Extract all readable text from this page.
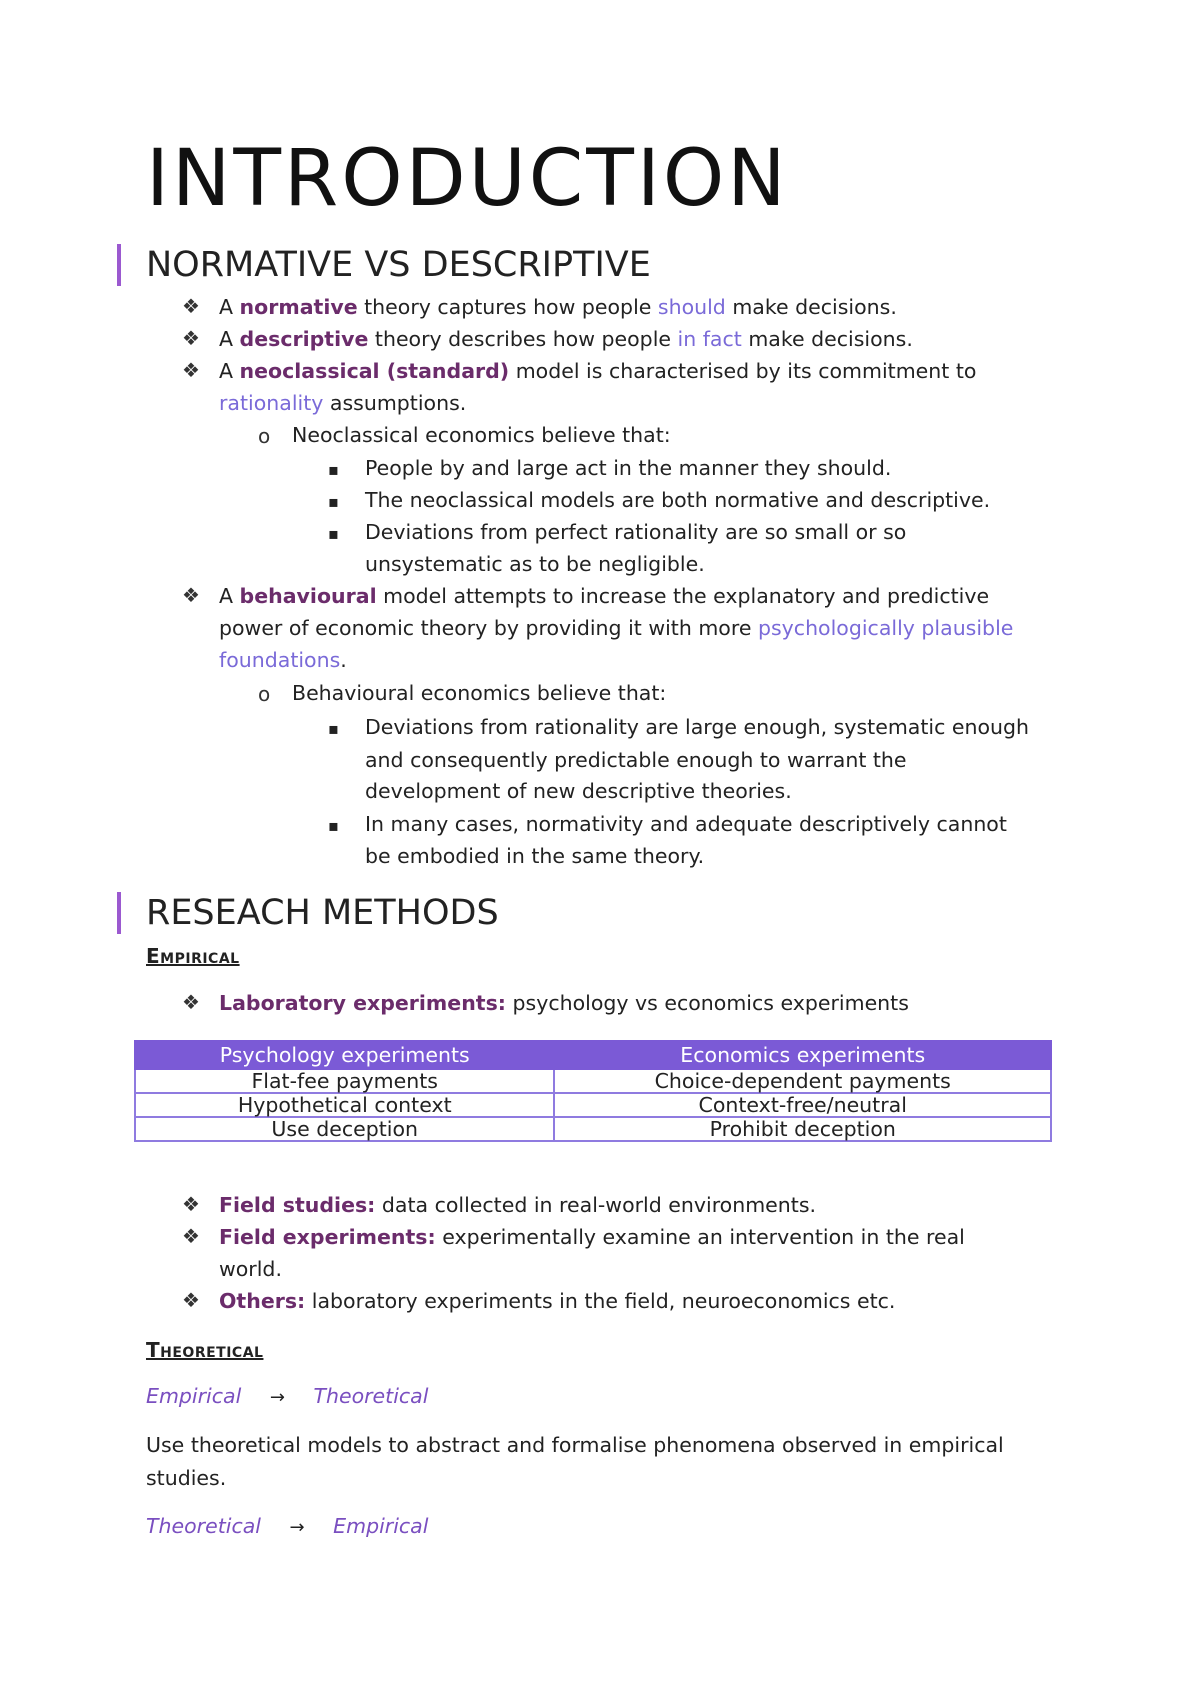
INTRODUCTION
NORMATIVE VS DESCRIPTIVE
❖ A normative theory captures how people should make decisions.
❖ A descriptive theory describes how people in fact make decisions.
❖ A neoclassical (standard) model is characterised by its commitment to
rationality assumptions.
o Neoclassical economics believe that:
▪ People by and large act in the manner they should.
▪ The neoclassical models are both normative and descriptive.
▪ Deviations from perfect rationality are so small or so
unsystematic as to be negligible.
❖ A behavioural model attempts to increase the explanatory and predictive
power of economic theory by providing it with more psychologically plausible
foundations.
o Behavioural economics believe that:
▪ Deviations from rationality are large enough, systematic enough
and consequently predictable enough to warrant the
development of new descriptive theories.
▪ In many cases, normativity and adequate descriptively cannot
be embodied in the same theory.
RESEACH METHODS
Empirical
❖ Laboratory experiments: psychology vs economics experiments
Psychology experiments	Economics experiments
Flat-fee payments	Choice-dependent payments
Hypothetical context	Context-free/neutral
Use deception	Prohibit deception
❖ Field studies: data collected in real-world environments.
❖ Field experiments: experimentally examine an intervention in the real
world.
❖ Others: laboratory experiments in the field, neuroeconomics etc.
Theoretical
Empirical → Theoretical
Use theoretical models to abstract and formalise phenomena observed in empirical
studies.
Theoretical → Empirical
